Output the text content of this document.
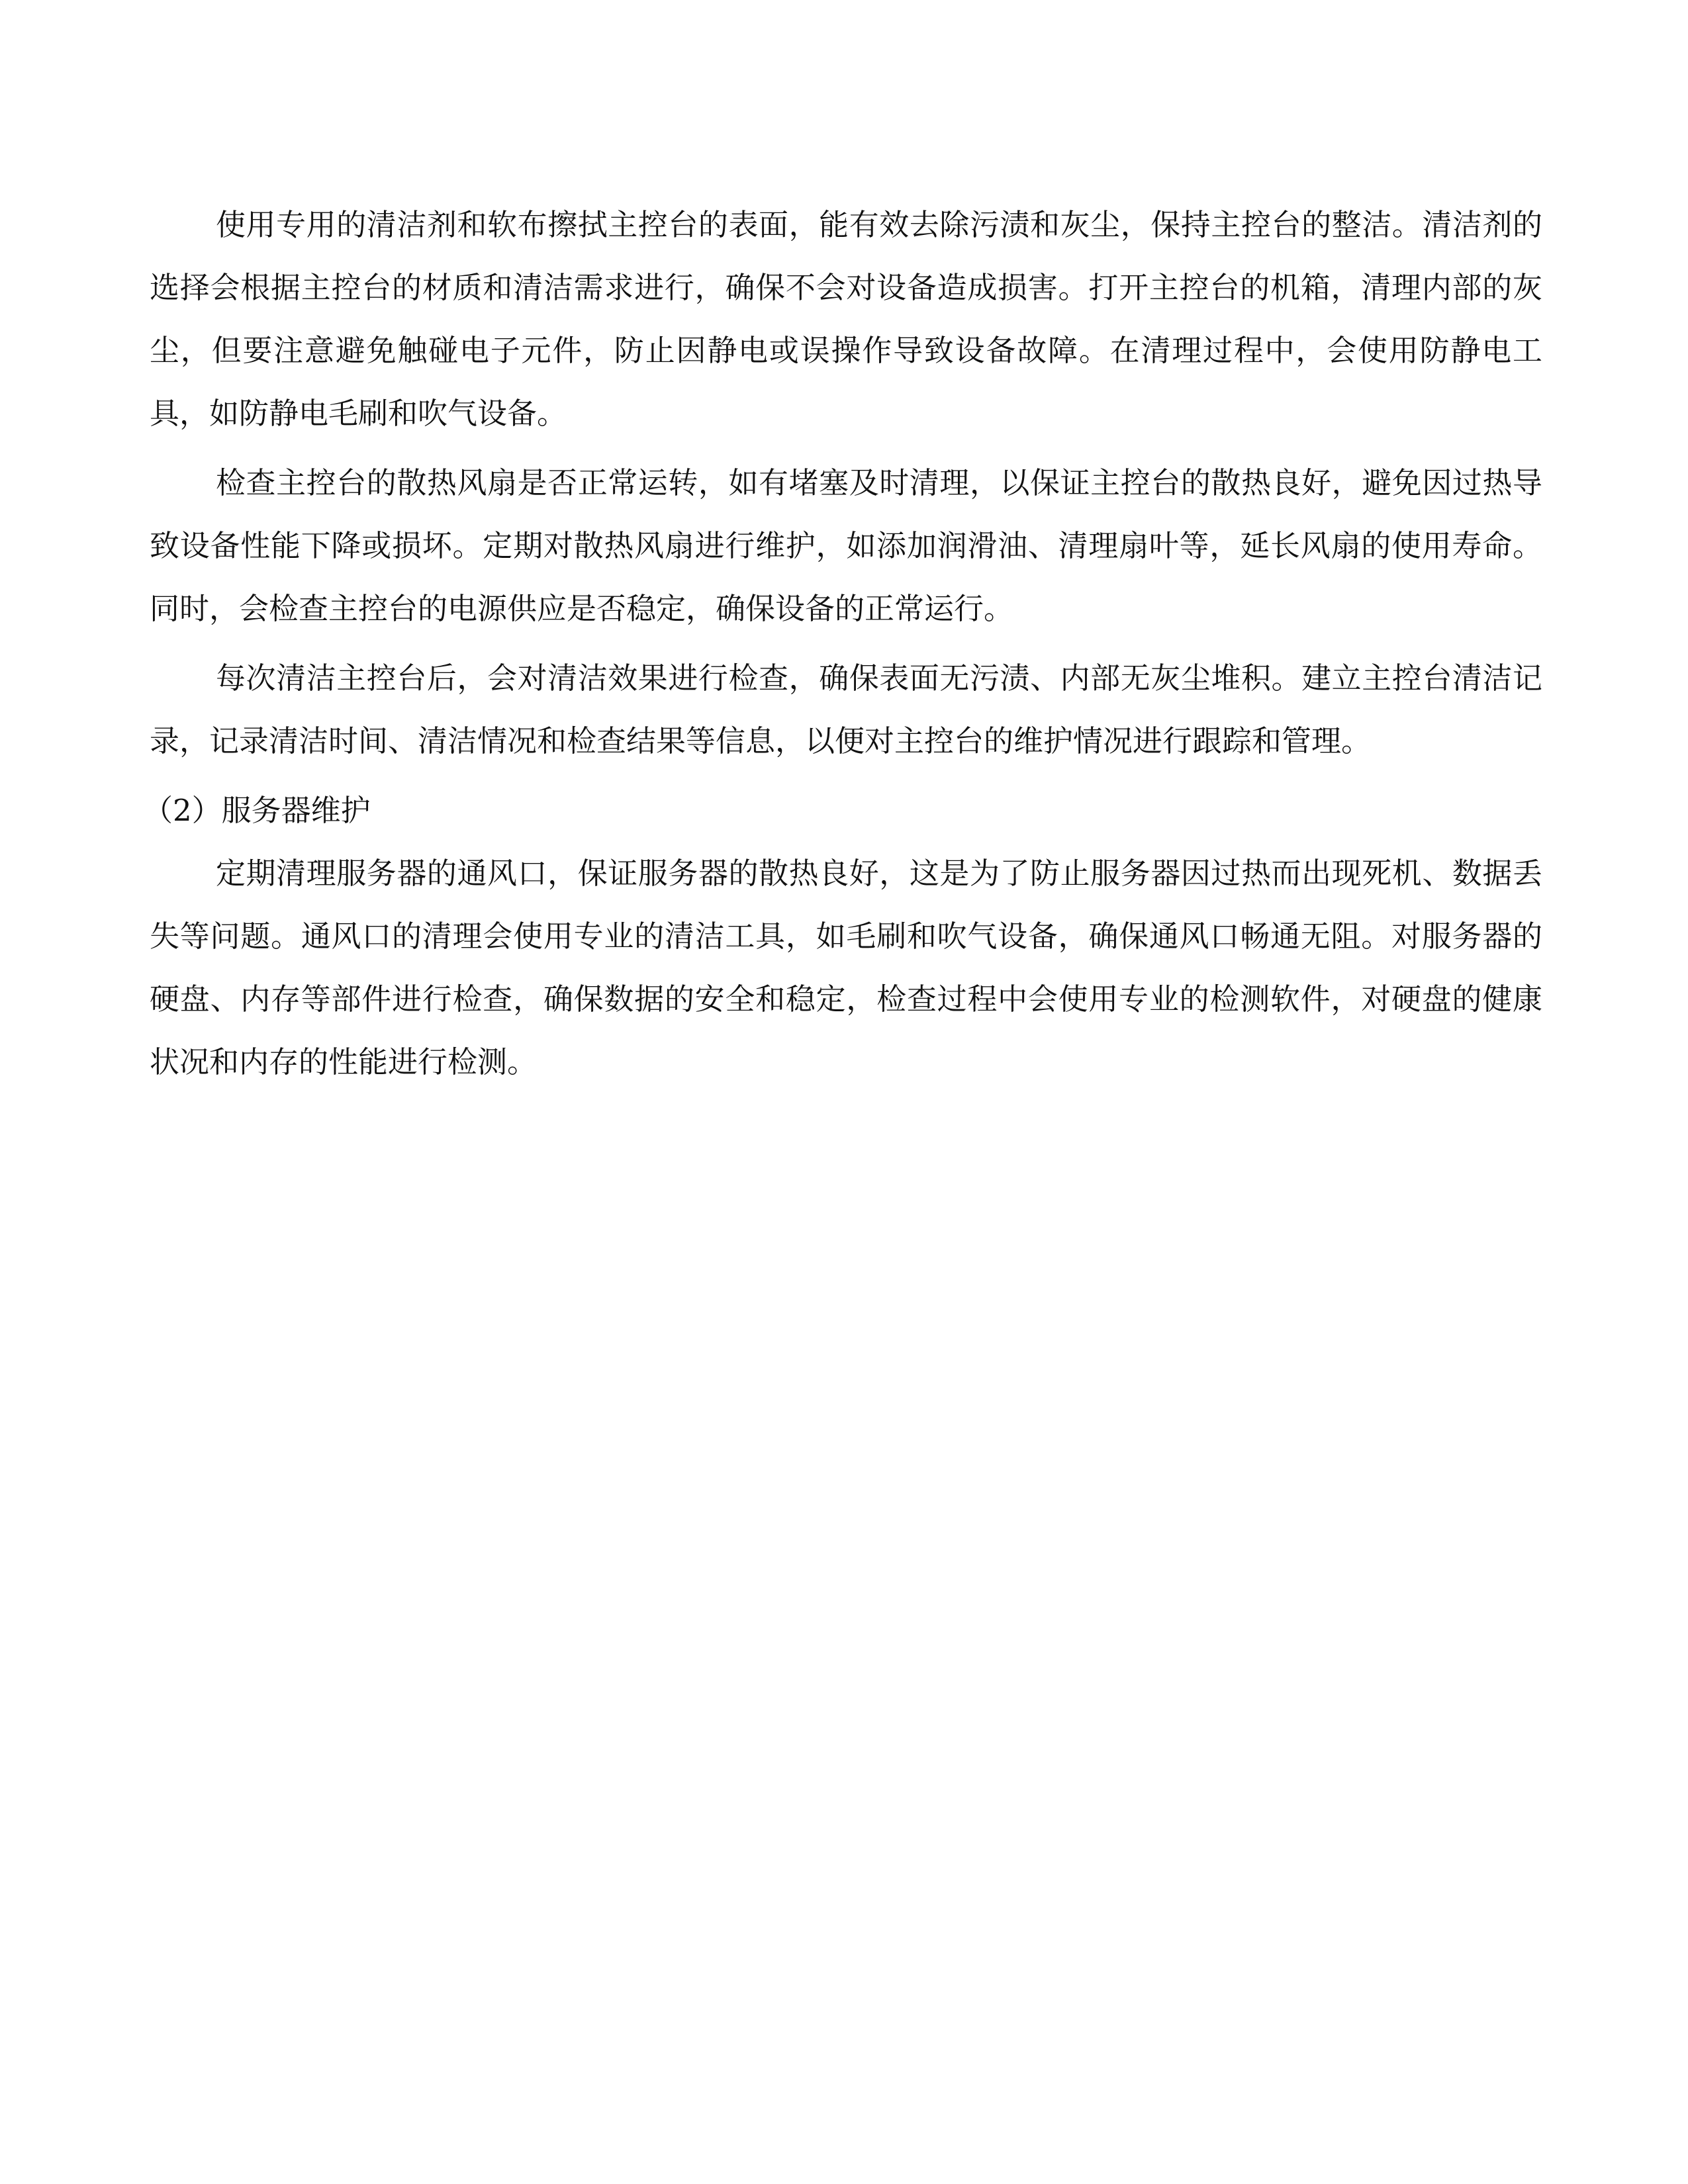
使用专用的清洁剂和软布擦拭主控台的表面，能有效去除污渍和灰尘，保持主控台的整洁。清洁剂的选择会根据主控台的材质和清洁需求进行，确保不会对设备造成损害。打开主控台的机箱，清理内部的灰尘，但要注意避免触碰电子元件，防止因静电或误操作导致设备故障。在清理过程中，会使用防静电工具，如防静电毛刷和吹气设备。

检查主控台的散热风扇是否正常运转，如有堵塞及时清理，以保证主控台的散热良好，避免因过热导致设备性能下降或损坏。定期对散热风扇进行维护，如添加润滑油、清理扇叶等，延长风扇的使用寿命。同时，会检查主控台的电源供应是否稳定，确保设备的正常运行。

每次清洁主控台后，会对清洁效果进行检查，确保表面无污渍、内部无灰尘堆积。建立主控台清洁记录，记录清洁时间、清洁情况和检查结果等信息，以便对主控台的维护情况进行跟踪和管理。

（2）服务器维护

定期清理服务器的通风口，保证服务器的散热良好，这是为了防止服务器因过热而出现死机、数据丢失等问题。通风口的清理会使用专业的清洁工具，如毛刷和吹气设备，确保通风口畅通无阻。对服务器的硬盘、内存等部件进行检查，确保数据的安全和稳定，检查过程中会使用专业的检测软件，对硬盘的健康状况和内存的性能进行检测。
